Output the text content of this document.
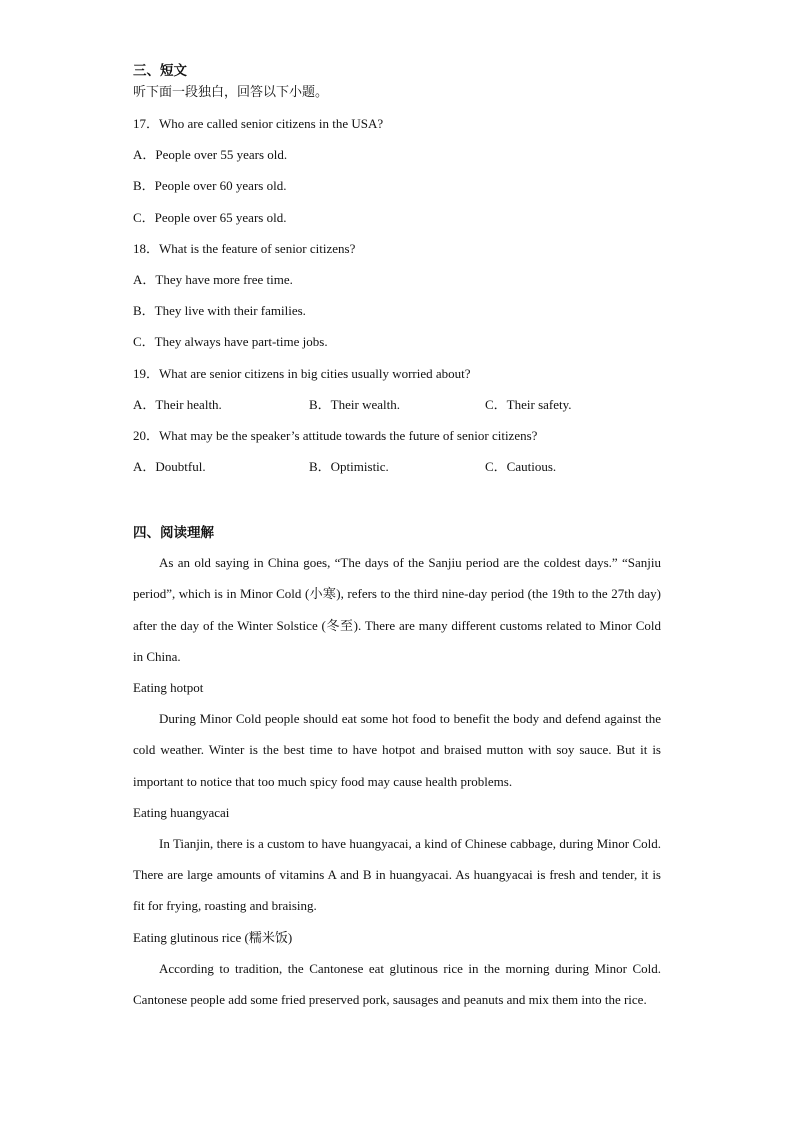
三、短文
听下面一段独白，回答以下小题。
17．Who are called senior citizens in the USA?
A．People over 55 years old.
B．People over 60 years old.
C．People over 65 years old.
18．What is the feature of senior citizens?
A．They have more free time.
B．They live with their families.
C．They always have part-time jobs.
19．What are senior citizens in big cities usually worried about?
A．Their health.	B．Their wealth.	C．Their safety.
20．What may be the speaker’s attitude towards the future of senior citizens?
A．Doubtful.	B．Optimistic.	C．Cautious.
四、阅读理解

As an old saying in China goes, “The days of the Sanjiu period are the coldest days.” “Sanjiu period”, which is in Minor Cold (小寒), refers to the third nine-day period (the 19th to the 27th day) after the day of the Winter Solstice (冬至). There are many different customs related to Minor Cold in China.

Eating hotpot

During Minor Cold people should eat some hot food to benefit the body and defend against the cold weather. Winter is the best time to have hotpot and braised mutton with soy sauce. But it is important to notice that too much spicy food may cause health problems.

Eating huangyacai

In Tianjin, there is a custom to have huangyacai, a kind of Chinese cabbage, during Minor Cold. There are large amounts of vitamins A and B in huangyacai. As huangyacai is fresh and tender, it is fit for frying, roasting and braising.

Eating glutinous rice (糯米饭)

According to tradition, the Cantonese eat glutinous rice in the morning during Minor Cold. Cantonese people add some fried preserved pork, sausages and peanuts and mix them into the rice.
